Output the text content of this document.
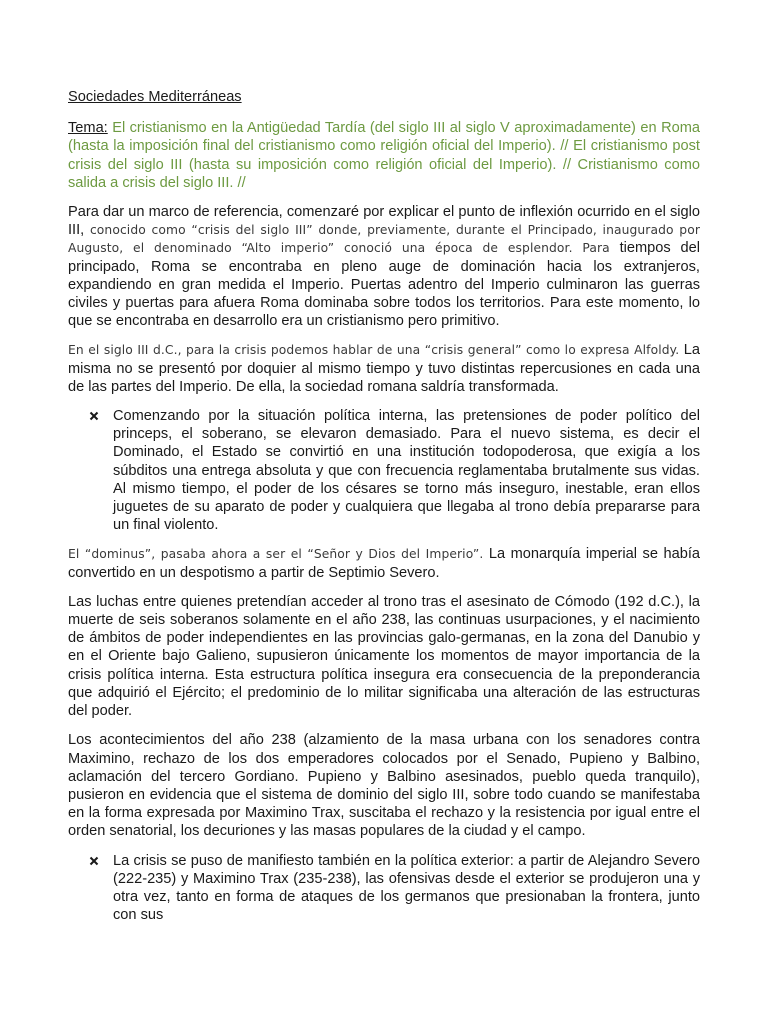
Sociedades Mediterráneas
Tema: El cristianismo en la Antigüedad Tardía (del siglo III al siglo V aproximadamente) en Roma (hasta la imposición final del cristianismo como religión oficial del Imperio). // El cristianismo post crisis del siglo III (hasta su imposición como religión oficial del Imperio). // Cristianismo como salida a crisis del siglo III. //

Para dar un marco de referencia, comenzaré por explicar el punto de inflexión ocurrido en el siglo III, conocido como “crisis del siglo III” donde, previamente, durante el Principado, inaugurado por Augusto, el denominado “Alto imperio” conoció una época de esplendor. Para tiempos del principado, Roma se encontraba en pleno auge de dominación hacia los extranjeros, expandiendo en gran medida el Imperio. Puertas adentro del Imperio culminaron las guerras civiles y puertas para afuera Roma dominaba sobre todos los territorios. Para este momento, lo que se encontraba en desarrollo era un cristianismo pero primitivo.

En el siglo III d.C., para la crisis podemos hablar de una “crisis general” como lo expresa Alfoldy. La misma no se presentó por doquier al mismo tiempo y tuvo distintas repercusiones en cada una de las partes del Imperio. De ella, la sociedad romana saldría transformada.

Comenzando por la situación política interna, las pretensiones de poder político del princeps, el soberano, se elevaron demasiado. Para el nuevo sistema, es decir el Dominado, el Estado se convirtió en una institución todopoderosa, que exigía a los súbditos una entrega absoluta y que con frecuencia reglamentaba brutalmente sus vidas. Al mismo tiempo, el poder de los césares se torno más inseguro, inestable, eran ellos juguetes de su aparato de poder y cualquiera que llegaba al trono debía prepararse para un final violento.

El “dominus”, pasaba ahora a ser el “Señor y Dios del Imperio”. La monarquía imperial se había convertido en un despotismo a partir de Septimio Severo.

Las luchas entre quienes pretendían acceder al trono tras el asesinato de Cómodo (192 d.C.), la muerte de seis soberanos solamente en el año 238, las continuas usurpaciones, y el nacimiento de ámbitos de poder independientes en las provincias galo-germanas, en la zona del Danubio y en el Oriente bajo Galieno, supusieron únicamente los momentos de mayor importancia de la crisis política interna. Esta estructura política insegura era consecuencia de la preponderancia que adquirió el Ejército; el predominio de lo militar significaba una alteración de las estructuras del poder.

Los acontecimientos del año 238 (alzamiento de la masa urbana con los senadores contra Maximino, rechazo de los dos emperadores colocados por el Senado, Pupieno y Balbino, aclamación del tercero Gordiano. Pupieno y Balbino asesinados, pueblo queda tranquilo), pusieron en evidencia que el sistema de dominio del siglo III, sobre todo cuando se manifestaba en la forma expresada por Maximino Trax, suscitaba el rechazo y la resistencia por igual entre el orden senatorial, los decuriones y las masas populares de la ciudad y el campo.

La crisis se puso de manifiesto también en la política exterior: a partir de Alejandro Severo (222-235) y Maximino Trax (235-238), las ofensivas desde el exterior se produjeron una y otra vez, tanto en forma de ataques de los germanos que presionaban la frontera, junto con sus
